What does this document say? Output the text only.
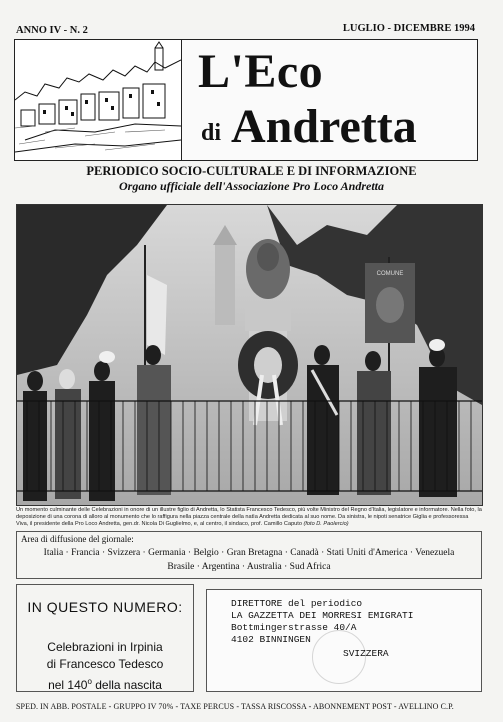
ANNO IV - N. 2	LUGLIO - DICEMBRE 1994
L'Eco
di Andretta
PERIODICO SOCIO-CULTURALE E DI INFORMAZIONE
Organo ufficiale dell'Associazione Pro Loco Andretta
COMUNE
Un momento culminante delle Celebrazioni in onore di un illustre figlio di Andretta, lo Statista Francesco Tedesco, più volte Ministro del Regno d'Italia, legislatore e informatore. Nella foto, la deposizione di una corona di alloro al monumento che lo raffigura nella piazza centrale della natìa Andretta dedicata al suo nome. Da sinistra, le nipoti senatrice Giglia e professoressa Viva, il presidente della Pro Loco Andretta, gen.dr. Nicola Di Guglielmo, e, al centro, il sindaco, prof. Camillo Caputo (foto D. Paolercio)
Area di diffusione del giornale:
Italia · Francia · Svizzera · Germania · Belgio · Gran Bretagna · Canadà · Stati Uniti d'America · Venezuela
Brasile · Argentina · Australia · Sud Africa
IN QUESTO NUMERO:
Celebrazioni in Irpinia
di Francesco Tedesco
nel 140$^o$ della nascita
DIRETTORE del periodico
LA GAZZETTA DEI MORRESI EMIGRATI
Bottmingerstrasse 40/A
4102 BINNINGEN
SVIZZERA
SPED. IN ABB. POSTALE - GRUPPO IV 70% - TAXE PERCUS - TASSA RISCOSSA - ABONNEMENT POST - AVELLINO C.P.
